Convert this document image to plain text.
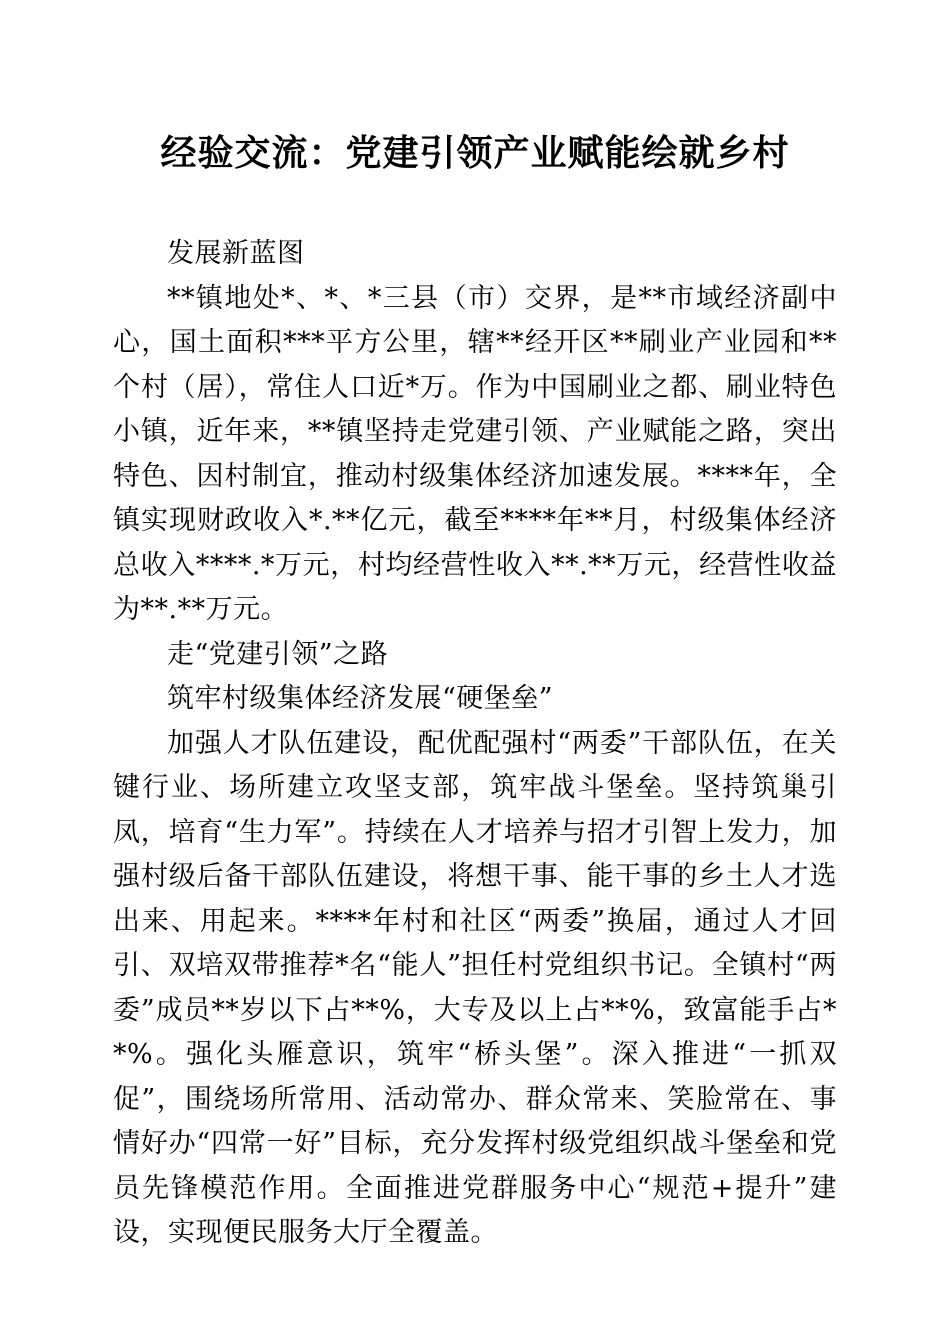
经验交流：党建引领产业赋能绘就乡村

发展新蓝图

**镇地处*、*、*三县（市）交界，是**市域经济副中心，国土面积***平方公里，辖**经开区**刷业产业园和**个村（居），常住人口近*万。作为中国刷业之都、刷业特色小镇，近年来，**镇坚持走党建引领、产业赋能之路，突出特色、因村制宜，推动村级集体经济加速发展。****年，全镇实现财政收入*.**亿元，截至****年**月，村级集体经济总收入****.*万元，村均经营性收入**.**万元，经营性收益为**.**万元。

走“党建引领”之路

筑牢村级集体经济发展“硬堡垒”

加强人才队伍建设，配优配强村“两委”干部队伍，在关键行业、场所建立攻坚支部，筑牢战斗堡垒。坚持筑巢引凤，培育“生力军”。持续在人才培养与招才引智上发力，加强村级后备干部队伍建设，将想干事、能干事的乡土人才选出来、用起来。****年村和社区“两委”换届，通过人才回引、双培双带推荐*名“能人”担任村党组织书记。全镇村“两委”成员**岁以下占**%，大专及以上占**%，致富能手占**%。强化头雁意识，筑牢“桥头堡”。深入推进“一抓双促”，围绕场所常用、活动常办、群众常来、笑脸常在、事情好办“四常一好”目标，充分发挥村级党组织战斗堡垒和党员先锋模范作用。全面推进党群服务中心“规范+提升”建设，实现便民服务大厅全覆盖。
